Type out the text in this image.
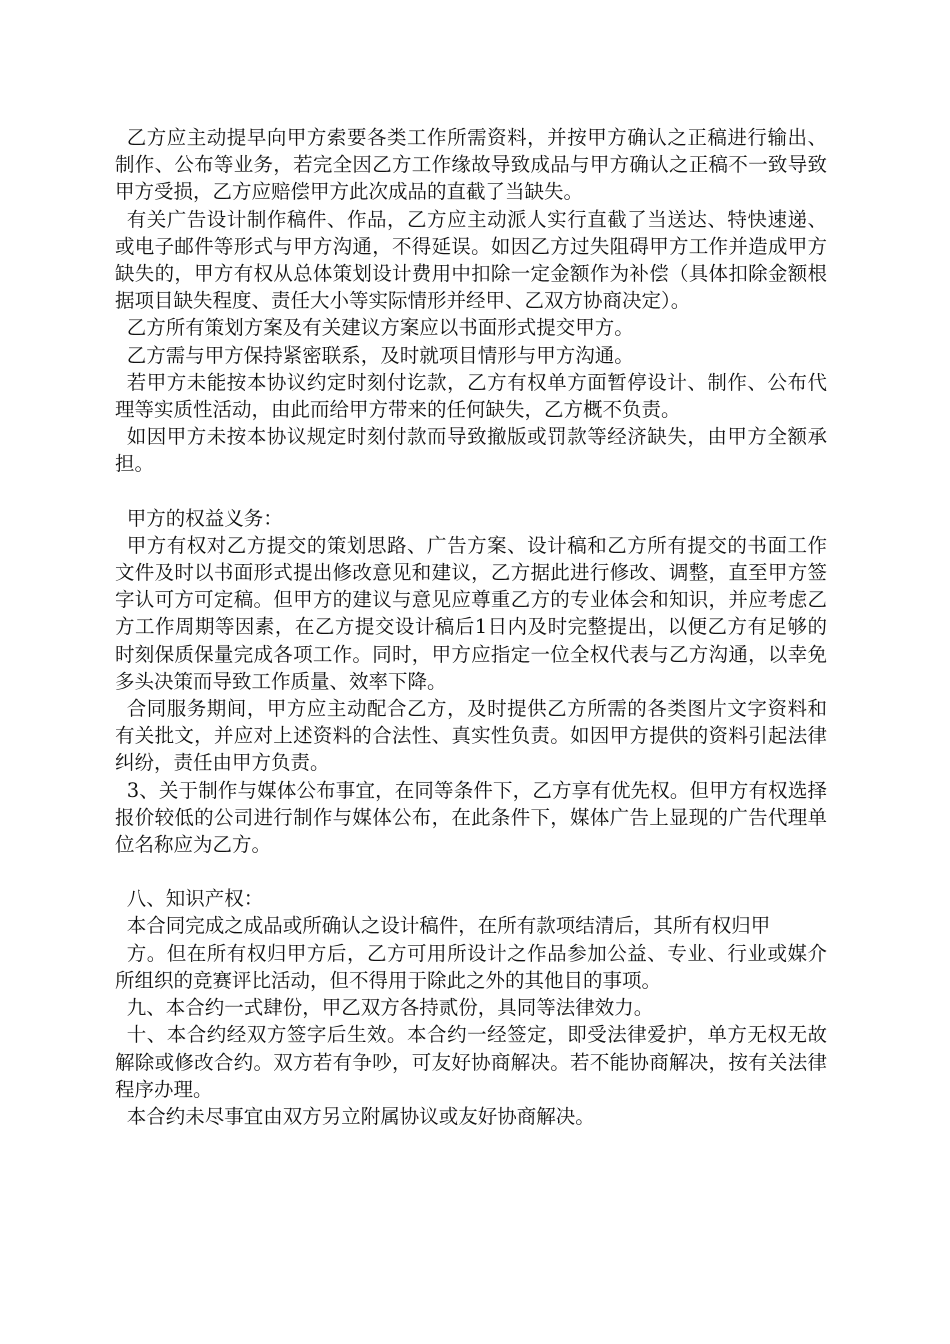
乙方应主动提早向甲方索要各类工作所需资料，并按甲方确认之正稿进行输出、制作、公布等业务，若完全因乙方工作缘故导致成品与甲方确认之正稿不一致导致甲方受损，乙方应赔偿甲方此次成品的直截了当缺失。

有关广告设计制作稿件、作品，乙方应主动派人实行直截了当送达、特快速递、或电子邮件等形式与甲方沟通，不得延误。如因乙方过失阻碍甲方工作并造成甲方缺失的，甲方有权从总体策划设计费用中扣除一定金额作为补偿（具体扣除金额根据项目缺失程度、责任大小等实际情形并经甲、乙双方协商决定）。

乙方所有策划方案及有关建议方案应以书面形式提交甲方。

乙方需与甲方保持紧密联系，及时就项目情形与甲方沟通。

若甲方未能按本协议约定时刻付讫款，乙方有权单方面暂停设计、制作、公布代理等实质性活动，由此而给甲方带来的任何缺失，乙方概不负责。

如因甲方未按本协议规定时刻付款而导致撤版或罚款等经济缺失，由甲方全额承担。

甲方的权益义务：

甲方有权对乙方提交的策划思路、广告方案、设计稿和乙方所有提交的书面工作文件及时以书面形式提出修改意见和建议，乙方据此进行修改、调整，直至甲方签字认可方可定稿。但甲方的建议与意见应尊重乙方的专业体会和知识，并应考虑乙方工作周期等因素，在乙方提交设计稿后1日内及时完整提出，以便乙方有足够的时刻保质保量完成各项工作。同时，甲方应指定一位全权代表与乙方沟通，以幸免多头决策而导致工作质量、效率下降。

合同服务期间，甲方应主动配合乙方，及时提供乙方所需的各类图片文字资料和有关批文，并应对上述资料的合法性、真实性负责。如因甲方提供的资料引起法律纠纷，责任由甲方负责。

3、关于制作与媒体公布事宜，在同等条件下，乙方享有优先权。但甲方有权选择报价较低的公司进行制作与媒体公布，在此条件下，媒体广告上显现的广告代理单位名称应为乙方。

八、知识产权：

本合同完成之成品或所确认之设计稿件，在所有款项结清后，其所有权归甲

方。但在所有权归甲方后，乙方可用所设计之作品参加公益、专业、行业或媒介所组织的竞赛评比活动，但不得用于除此之外的其他目的事项。

九、本合约一式肆份，甲乙双方各持贰份，具同等法律效力。

十、本合约经双方签字后生效。本合约一经签定，即受法律爱护，单方无权无故解除或修改合约。双方若有争吵，可友好协商解决。若不能协商解决，按有关法律程序办理。

本合约未尽事宜由双方另立附属协议或友好协商解决。
